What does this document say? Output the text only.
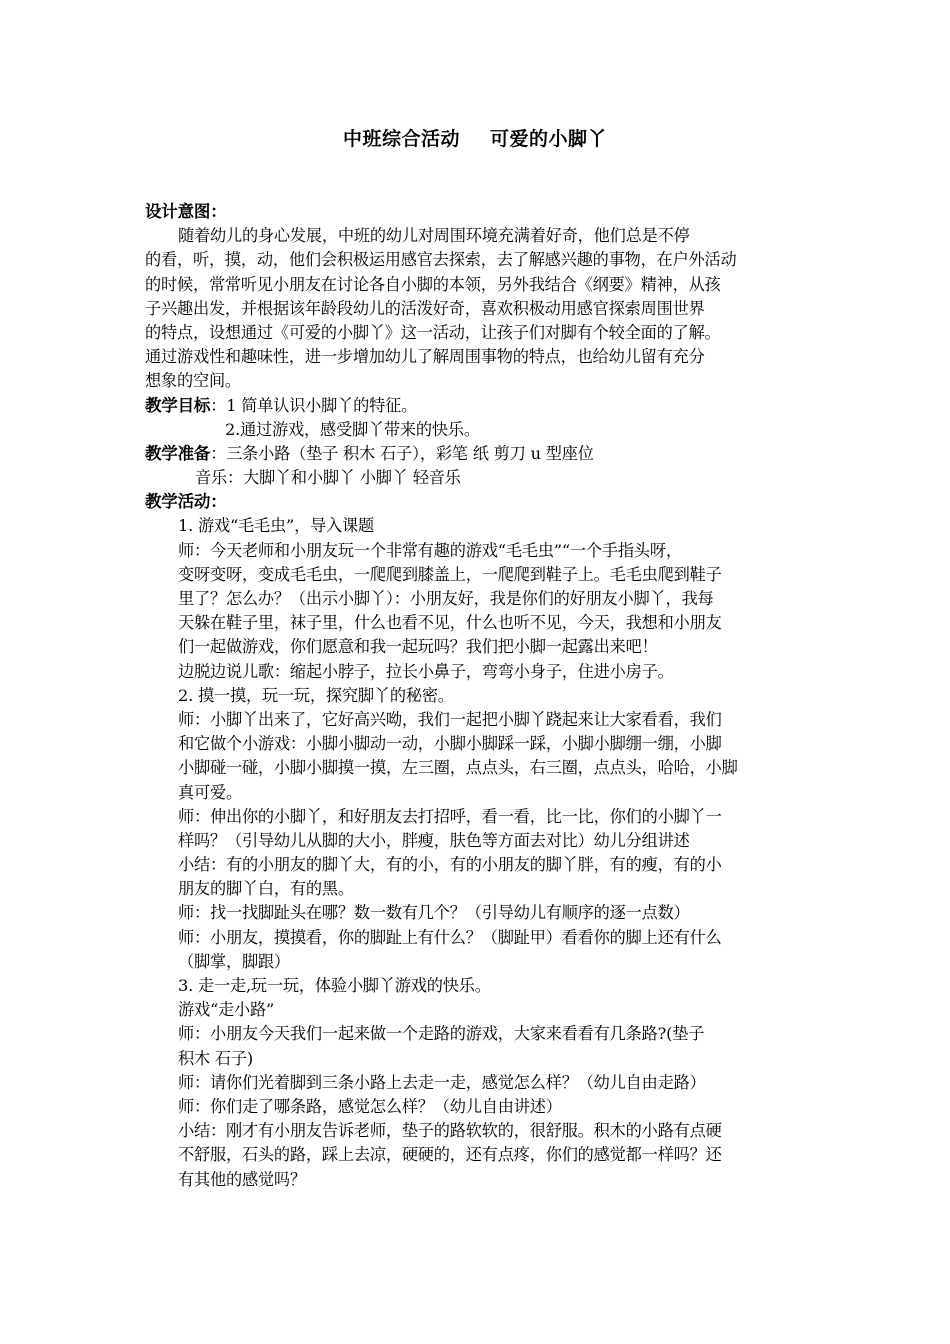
中班综合活动 可爱的小脚丫
设计意图：
随着幼儿的身心发展，中班的幼儿对周围环境充满着好奇，他们总是不停
的看，听，摸，动，他们会积极运用感官去探索，去了解感兴趣的事物，在户外活动
的时候，常常听见小朋友在讨论各自小脚的本领，另外我结合《纲要》精神，从孩
子兴趣出发，并根据该年龄段幼儿的活泼好奇，喜欢积极动用感官探索周围世界
的特点，设想通过《可爱的小脚丫》这一活动，让孩子们对脚有个较全面的了解。
通过游戏性和趣味性，进一步增加幼儿了解周围事物的特点，也给幼儿留有充分
想象的空间。
教学目标：1 简单认识小脚丫的特征。
2.通过游戏，感受脚丫带来的快乐。
教学准备：三条小路（垫子 积木 石子），彩笔 纸 剪刀 u 型座位
音乐：大脚丫和小脚丫 小脚丫 轻音乐
教学活动：
1. 游戏“毛毛虫”，导入课题
师：今天老师和小朋友玩一个非常有趣的游戏“毛毛虫”“一个手指头呀，
变呀变呀，变成毛毛虫，一爬爬到膝盖上，一爬爬到鞋子上。毛毛虫爬到鞋子
里了？怎么办？（出示小脚丫）：小朋友好，我是你们的好朋友小脚丫，我每
天躲在鞋子里，袜子里，什么也看不见，什么也听不见，今天，我想和小朋友
们一起做游戏，你们愿意和我一起玩吗？我们把小脚一起露出来吧！
边脱边说儿歌：缩起小脖子，拉长小鼻子，弯弯小身子，住进小房子。
2. 摸一摸，玩一玩，探究脚丫的秘密。
师：小脚丫出来了，它好高兴呦，我们一起把小脚丫跷起来让大家看看，我们
和它做个小游戏：小脚小脚动一动，小脚小脚踩一踩，小脚小脚绷一绷，小脚
小脚碰一碰，小脚小脚摸一摸，左三圈，点点头，右三圈，点点头，哈哈，小脚
真可爱。
师：伸出你的小脚丫，和好朋友去打招呼，看一看，比一比，你们的小脚丫一
样吗？（引导幼儿从脚的大小，胖瘦，肤色等方面去对比）幼儿分组讲述
小结：有的小朋友的脚丫大，有的小，有的小朋友的脚丫胖，有的瘦，有的小
朋友的脚丫白，有的黑。
师：找一找脚趾头在哪？数一数有几个？（引导幼儿有顺序的逐一点数）
师：小朋友，摸摸看，你的脚趾上有什么？（脚趾甲）看看你的脚上还有什么
（脚掌，脚跟）
3. 走一走,玩一玩，体验小脚丫游戏的快乐。
游戏“走小路”
师：小朋友今天我们一起来做一个走路的游戏，大家来看看有几条路?(垫子
积木 石子)
师：请你们光着脚到三条小路上去走一走，感觉怎么样？（幼儿自由走路）
师：你们走了哪条路，感觉怎么样？（幼儿自由讲述）
小结：刚才有小朋友告诉老师，垫子的路软软的，很舒服。积木的小路有点硬
不舒服，石头的路，踩上去凉，硬硬的，还有点疼，你们的感觉都一样吗？还
有其他的感觉吗？
